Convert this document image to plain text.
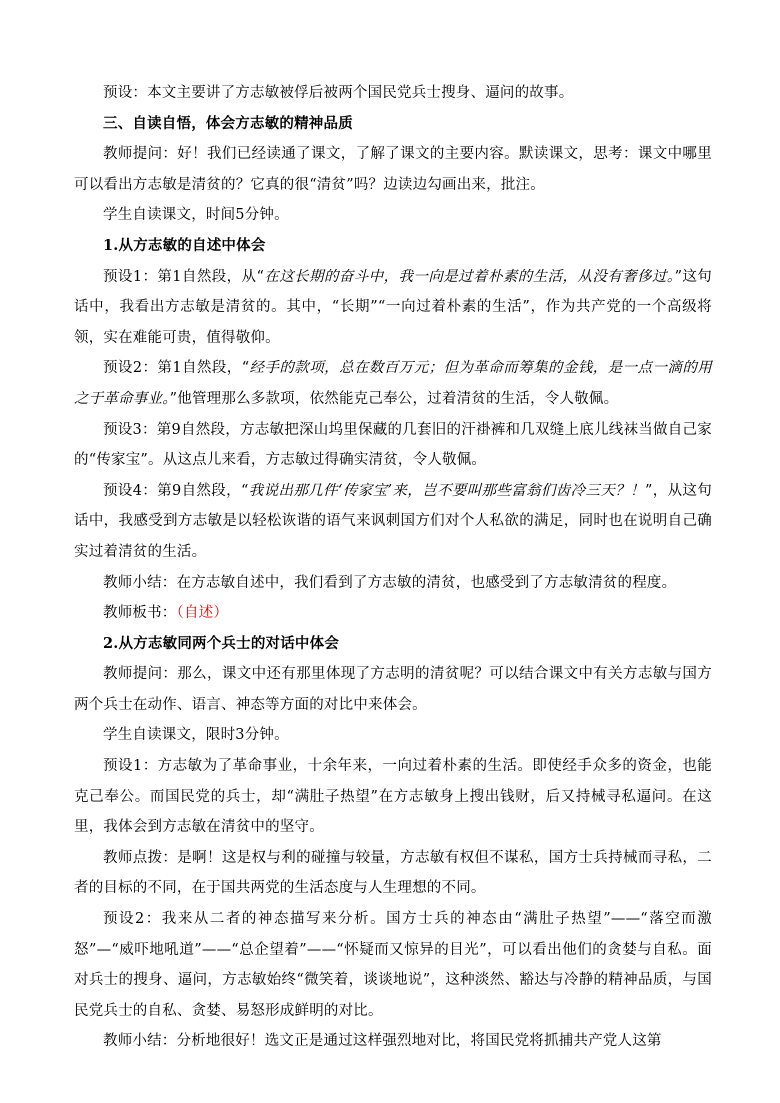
预设：本文主要讲了方志敏被俘后被两个国民党兵士搜身、逼问的故事。

三、自读自悟，体会方志敏的精神品质

教师提问：好！我们已经读通了课文，了解了课文的主要内容。默读课文，思考：课文中哪里可以看出方志敏是清贫的？它真的很“清贫”吗？边读边勾画出来，批注。

学生自读课文，时间5分钟。

1.从方志敏的自述中体会

预设1：第1自然段，从“在这长期的奋斗中，我一向是过着朴素的生活，从没有奢侈过。”这句话中，我看出方志敏是清贫的。其中，“长期”“一向过着朴素的生活”，作为共产党的一个高级将领，实在难能可贵，值得敬仰。

预设2：第1自然段，“经手的款项，总在数百万元；但为革命而筹集的金钱，是一点一滴的用之于革命事业。”他管理那么多款项，依然能克己奉公，过着清贫的生活，令人敬佩。

预设3：第9自然段，方志敏把深山坞里保藏的几套旧的汗褂裤和几双缝上底儿线袜当做自己家的“传家宝”。从这点儿来看，方志敏过得确实清贫，令人敬佩。

预设4：第9自然段，“我说出那几件‘传家宝’来，岂不要叫那些富翁们齿冷三天？！”，从这句话中，我感受到方志敏是以轻松诙谐的语气来讽刺国方们对个人私欲的满足，同时也在说明自己确实过着清贫的生活。

教师小结：在方志敏自述中，我们看到了方志敏的清贫，也感受到了方志敏清贫的程度。

教师板书：（自述）

2.从方志敏同两个兵士的对话中体会

教师提问：那么，课文中还有那里体现了方志明的清贫呢？可以结合课文中有关方志敏与国方两个兵士在动作、语言、神态等方面的对比中来体会。

学生自读课文，限时3分钟。

预设1：方志敏为了革命事业，十余年来，一向过着朴素的生活。即使经手众多的资金，也能克己奉公。而国民党的兵士，却“满肚子热望”在方志敏身上搜出钱财，后又持械寻私逼问。在这里，我体会到方志敏在清贫中的坚守。

教师点拨：是啊！这是权与利的碰撞与较量，方志敏有权但不谋私，国方士兵持械而寻私，二者的目标的不同，在于国共两党的生活态度与人生理想的不同。

预设2：我来从二者的神态描写来分析。国方士兵的神态由“满肚子热望”——“落空而激怒”—“威吓地吼道”——“总企望着”——“怀疑而又惊异的目光”，可以看出他们的贪婪与自私。面对兵士的搜身、逼问，方志敏始终“微笑着，谈谈地说”，这种淡然、豁达与冷静的精神品质，与国民党兵士的自私、贪婪、易怒形成鲜明的对比。

教师小结：分析地很好！选文正是通过这样强烈地对比，将国民党将抓捕共产党人这第
